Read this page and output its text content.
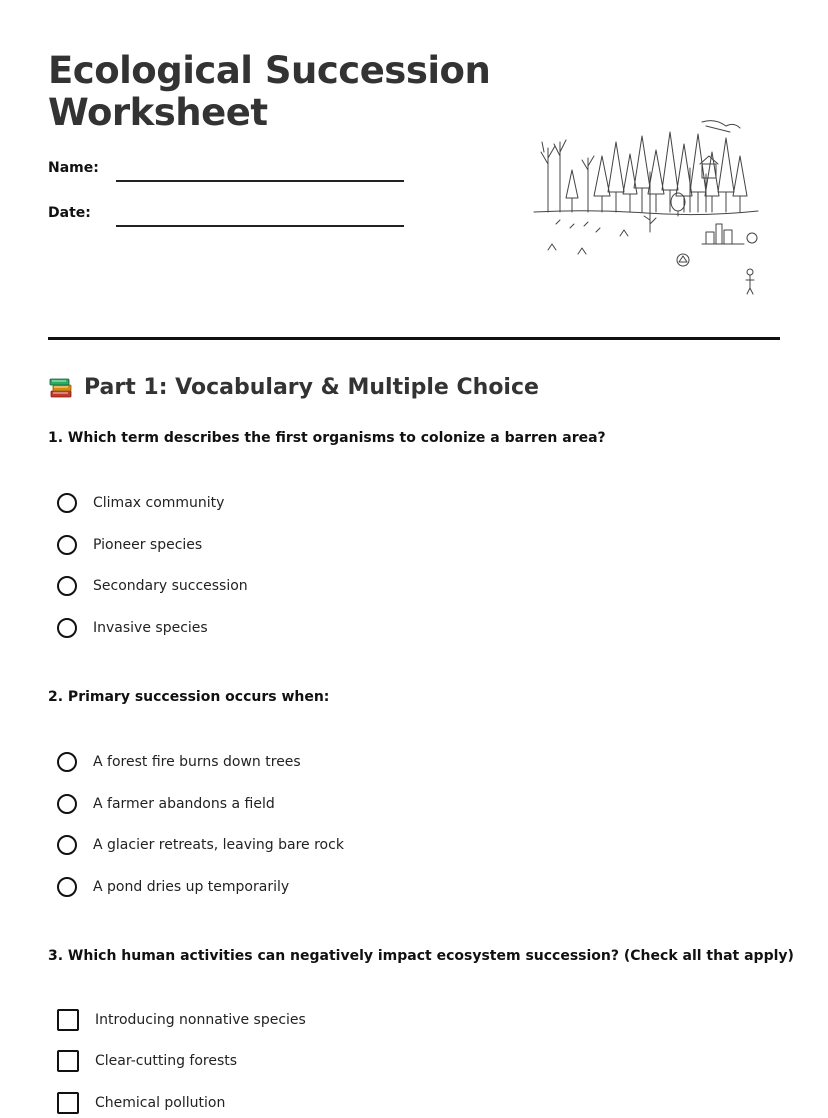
Ecological Succession
Worksheet
Name:
Date:
Part 1: Vocabulary & Multiple Choice
1. Which term describes the first organisms to colonize a barren area?
Climax community
Pioneer species
Secondary succession
Invasive species
2. Primary succession occurs when:
A forest fire burns down trees
A farmer abandons a field
A glacier retreats, leaving bare rock
A pond dries up temporarily
3. Which human activities can negatively impact ecosystem succession? (Check all that apply)
Introducing nonnative species
Clear-cutting forests
Chemical pollution
